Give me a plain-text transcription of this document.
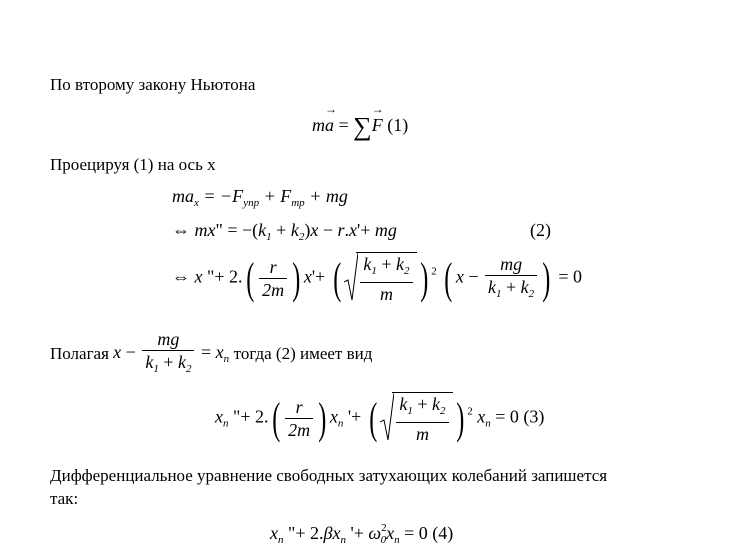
По второму закону Ньютона
m→ a = ∑→ F (1)
Проецируя (1) на ось x
$ma_x = -F_{упр} + F_{тр}$ + mg
⇔ mx" = $-(k_1 + k_2)x - r.x'+$ mg	(2)
⇔ x "+ $2.( \frac{r}{2m}$ ) x'+ ( $\frac{k_1 + k_2}{m}$ ) $^2$ ( $x - \frac{mg}{k_1 + k_2}$ ) = 0
Полагая $x - \frac{mg}{k_1 + k_2} = x_n$ тогда (2) имеет вид
$x_n$ "+ $2.( \frac{r}{2m}$ ) $x_n$ '+ ( $\frac{k_1 + k_2}{m}$ ) $^2$ $x_n = 0$ (3)
Дифференциальное уравнение свободных затухающих колебаний запишется
так:
$x_n$ "+ $2.\beta x_n$ '+ $\omega^2_0x_n = 0$ (4)
